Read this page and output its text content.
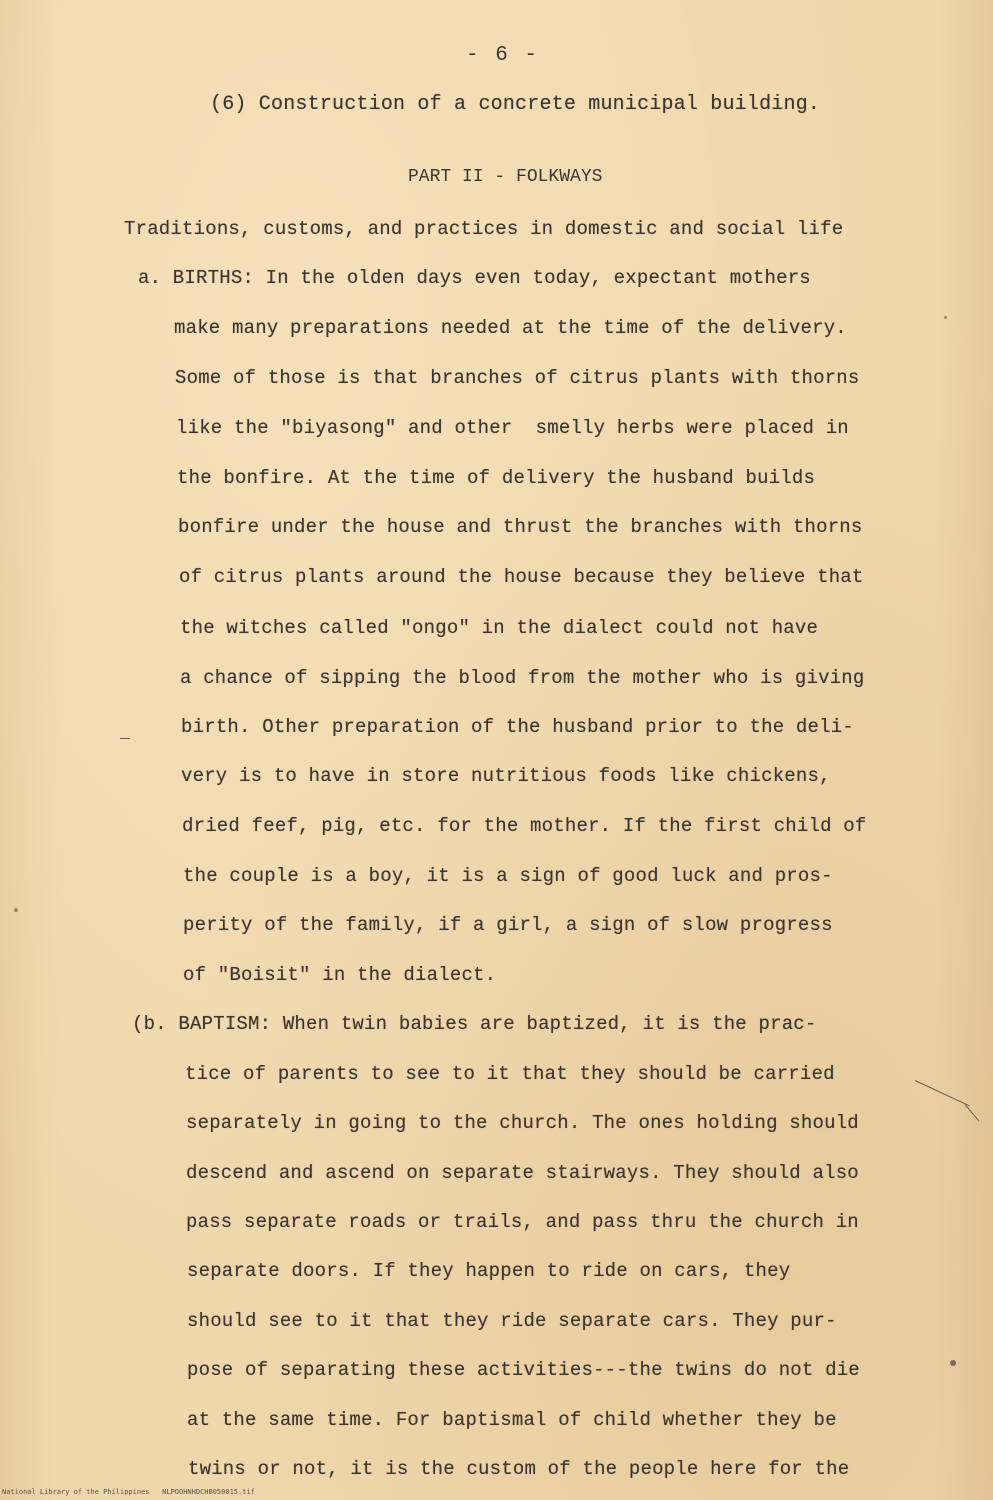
- 6 -
(6) Construction of a concrete municipal building.
PART II - FOLKWAYS
Traditions, customs, and practices in domestic and social life
a. BIRTHS: In the olden days even today, expectant mothers
make many preparations needed at the time of the delivery.
Some of those is that branches of citrus plants with thorns
like the "biyasong" and other  smelly herbs were placed in
the bonfire. At the time of delivery the husband builds
bonfire under the house and thrust the branches with thorns
of citrus plants around the house because they believe that
the witches called "ongo" in the dialect could not have
a chance of sipping the blood from the mother who is giving
birth. Other preparation of the husband prior to the deli-
very is to have in store nutritious foods like chickens,
dried feef, pig, etc. for the mother. If the first child of
the couple is a boy, it is a sign of good luck and pros-
perity of the family, if a girl, a sign of slow progress
of "Boisit" in the dialect.
(b. BAPTISM: When twin babies are baptized, it is the prac-
tice of parents to see to it that they should be carried
separately in going to the church. The ones holding should
descend and ascend on separate stairways. They should also
pass separate roads or trails, and pass thru the church in
separate doors. If they happen to ride on cars, they
should see to it that they ride separate cars. They pur-
pose of separating these activities---the twins do not die
at the same time. For baptismal of child whether they be
twins or not, it is the custom of the people here for the
National Library of the Philippines   NLPOOHNHDCHB050015.tif
